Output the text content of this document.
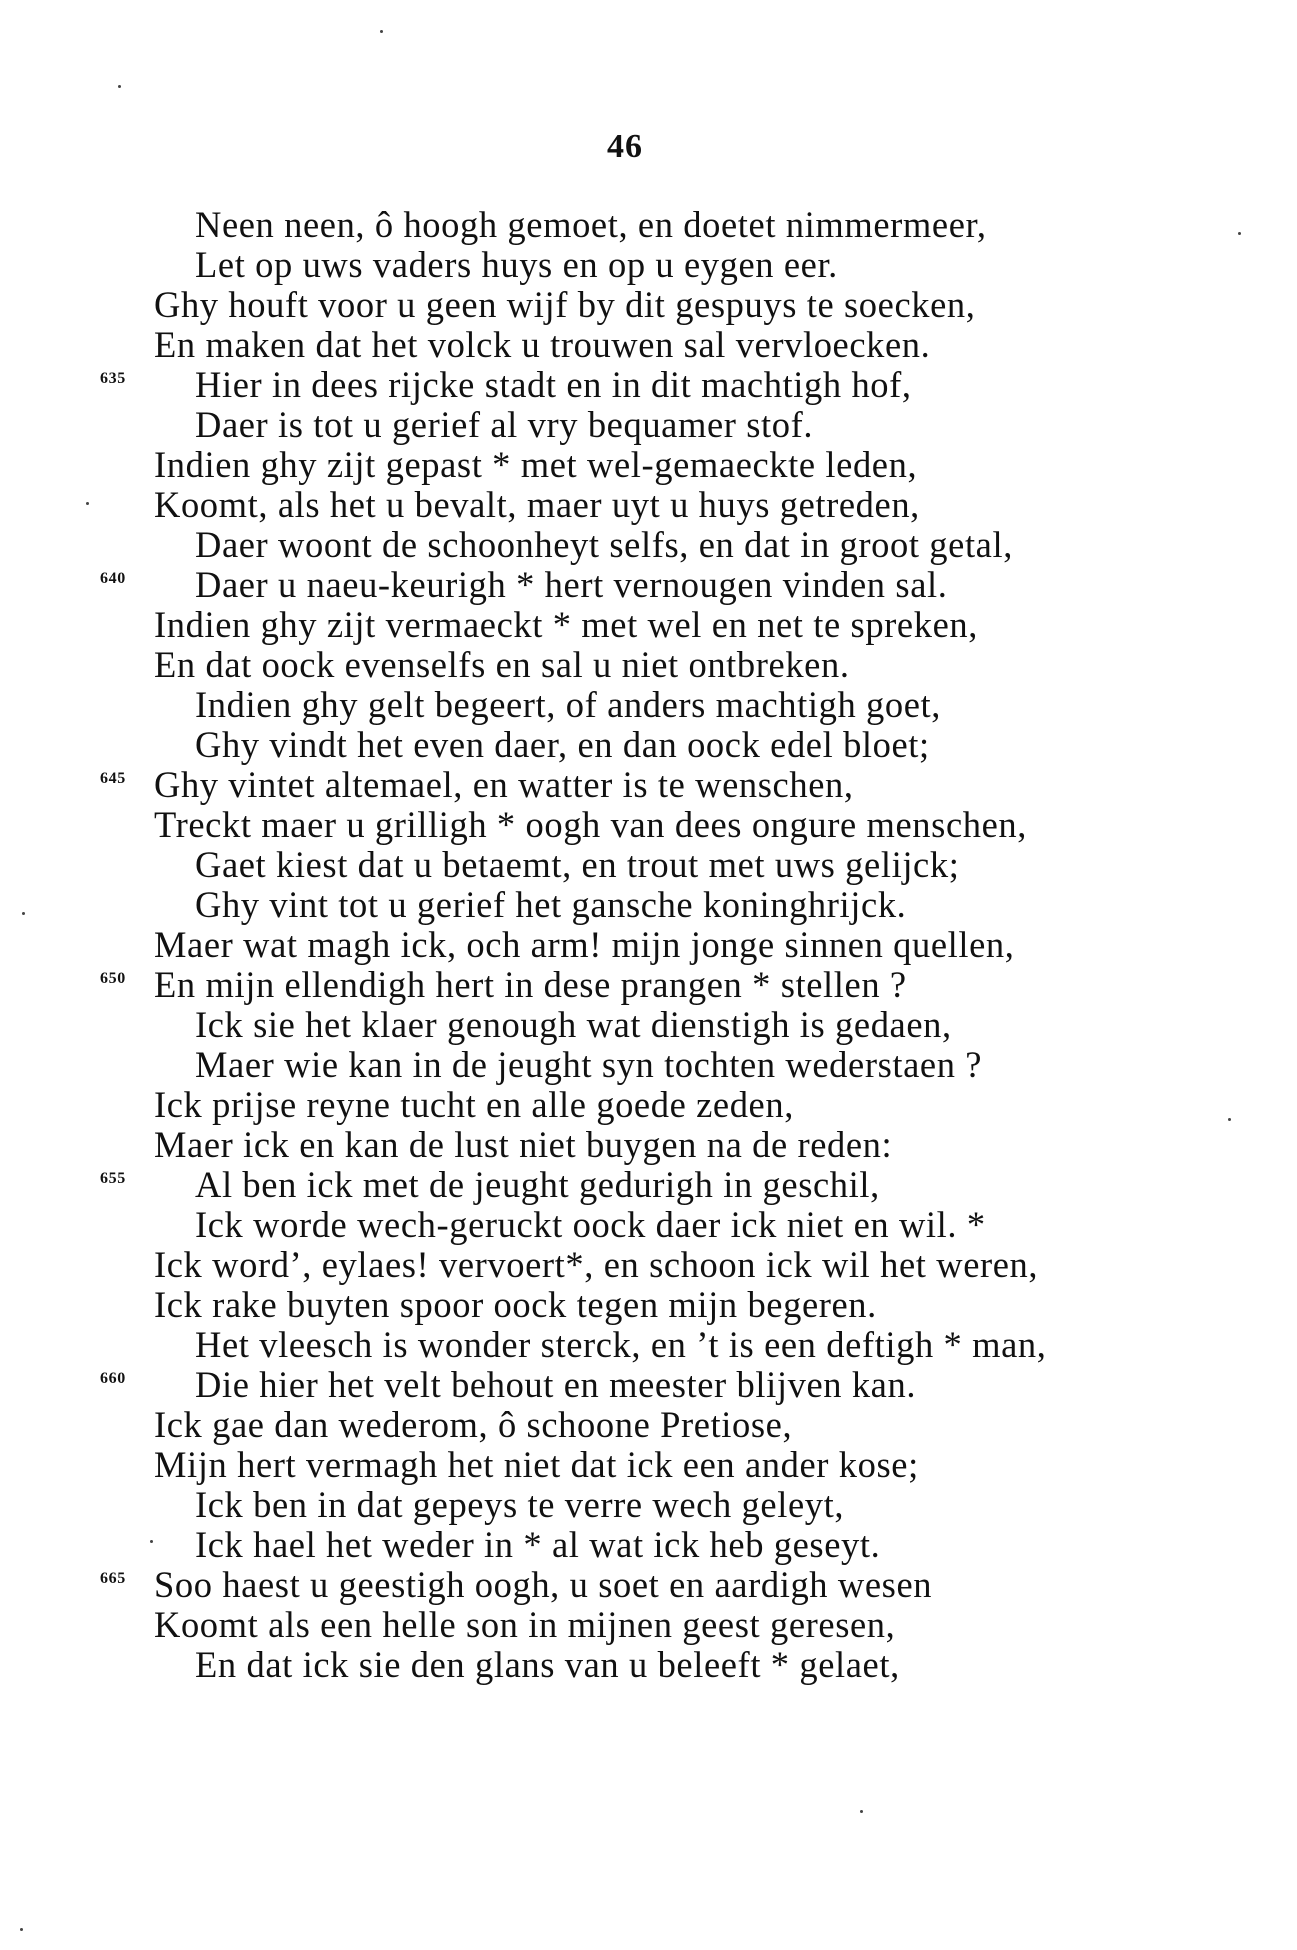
46
Neen neen, ô hoogh gemoet, en doetet nimmermeer,
Let op uws vaders huys en op u eygen eer.
Ghy houft voor u geen wijf by dit gespuys te soecken,
En maken dat het volck u trouwen sal vervloecken.
635	Hier in dees rijcke stadt en in dit machtigh hof,
Daer is tot u gerief al vry bequamer stof.
Indien ghy zijt gepast * met wel-gemaeckte leden,
Koomt, als het u bevalt, maer uyt u huys getreden,
Daer woont de schoonheyt selfs, en dat in groot getal,
640	Daer u naeu-keurigh * hert vernougen vinden sal.
Indien ghy zijt vermaeckt * met wel en net te spreken,
En dat oock evenselfs en sal u niet ontbreken.
Indien ghy gelt begeert, of anders machtigh goet,
Ghy vindt het even daer, en dan oock edel bloet;
645 Ghy vintet altemael, en watter is te wenschen,
Treckt maer u grilligh * oogh van dees ongure menschen,
Gaet kiest dat u betaemt, en trout met uws gelijck;
Ghy vint tot u gerief het gansche koninghrijck.
Maer wat magh ick, och arm! mijn jonge sinnen quellen,
650 En mijn ellendigh hert in dese prangen * stellen ?
Ick sie het klaer genough wat dienstigh is gedaen,
Maer wie kan in de jeught syn tochten wederstaen ?
Ick prijse reyne tucht en alle goede zeden,
Maer ick en kan de lust niet buygen na de reden:
655	Al ben ick met de jeught gedurigh in geschil,
Ick worde wech-geruckt oock daer ick niet en wil. *
Ick word’, eylaes! vervoert*, en schoon ick wil het weren,
Ick rake buyten spoor oock tegen mijn begeren.
Het vleesch is wonder sterck, en ’t is een deftigh * man,
660	Die hier het velt behout en meester blijven kan.
Ick gae dan wederom, ô schoone Pretiose,
Mijn hert vermagh het niet dat ick een ander kose;
Ick ben in dat gepeys te verre wech geleyt,
Ick hael het weder in * al wat ick heb geseyt.
665 Soo haest u geestigh oogh, u soet en aardigh wesen
Koomt als een helle son in mijnen geest geresen,
En dat ick sie den glans van u beleeft * gelaet,
